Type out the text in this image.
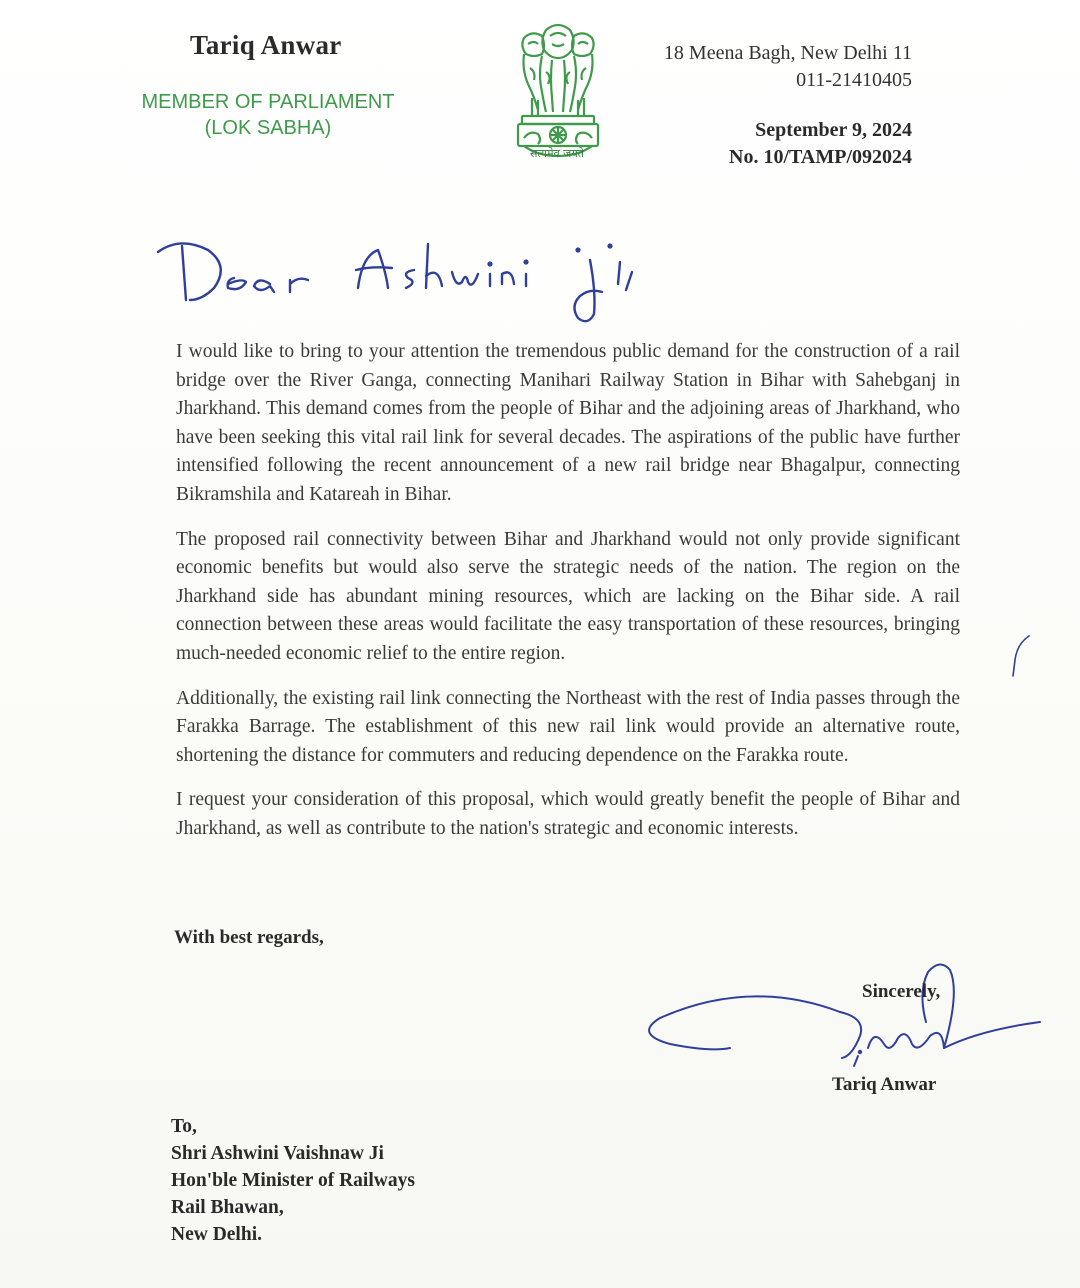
Tariq Anwar
MEMBER OF PARLIAMENT
(LOK SABHA)
सत्यमेव जयते
18 Meena Bagh, New Delhi 11
011-21410405
September 9, 2024
No. 10/TAMP/092024

I would like to bring to your attention the tremendous public demand for the construction of a rail bridge over the River Ganga, connecting Manihari Railway Station in Bihar with Sahebganj in Jharkhand. This demand comes from the people of Bihar and the adjoining areas of Jharkhand, who have been seeking this vital rail link for several decades. The aspirations of the public have further intensified following the recent announcement of a new rail bridge near Bhagalpur, connecting Bikramshila and Katareah in Bihar.

The proposed rail connectivity between Bihar and Jharkhand would not only provide significant economic benefits but would also serve the strategic needs of the nation. The region on the Jharkhand side has abundant mining resources, which are lacking on the Bihar side. A rail connection between these areas would facilitate the easy transportation of these resources, bringing much-needed economic relief to the entire region.

Additionally, the existing rail link connecting the Northeast with the rest of India passes through the Farakka Barrage. The establishment of this new rail link would provide an alternative route, shortening the distance for commuters and reducing dependence on the Farakka route.

I request your consideration of this proposal, which would greatly benefit the people of Bihar and Jharkhand, as well as contribute to the nation's strategic and economic interests.

With best regards,
Sincerely,
Tariq Anwar
To,
Shri Ashwini Vaishnaw Ji
Hon'ble Minister of Railways
Rail Bhawan,
New Delhi.
